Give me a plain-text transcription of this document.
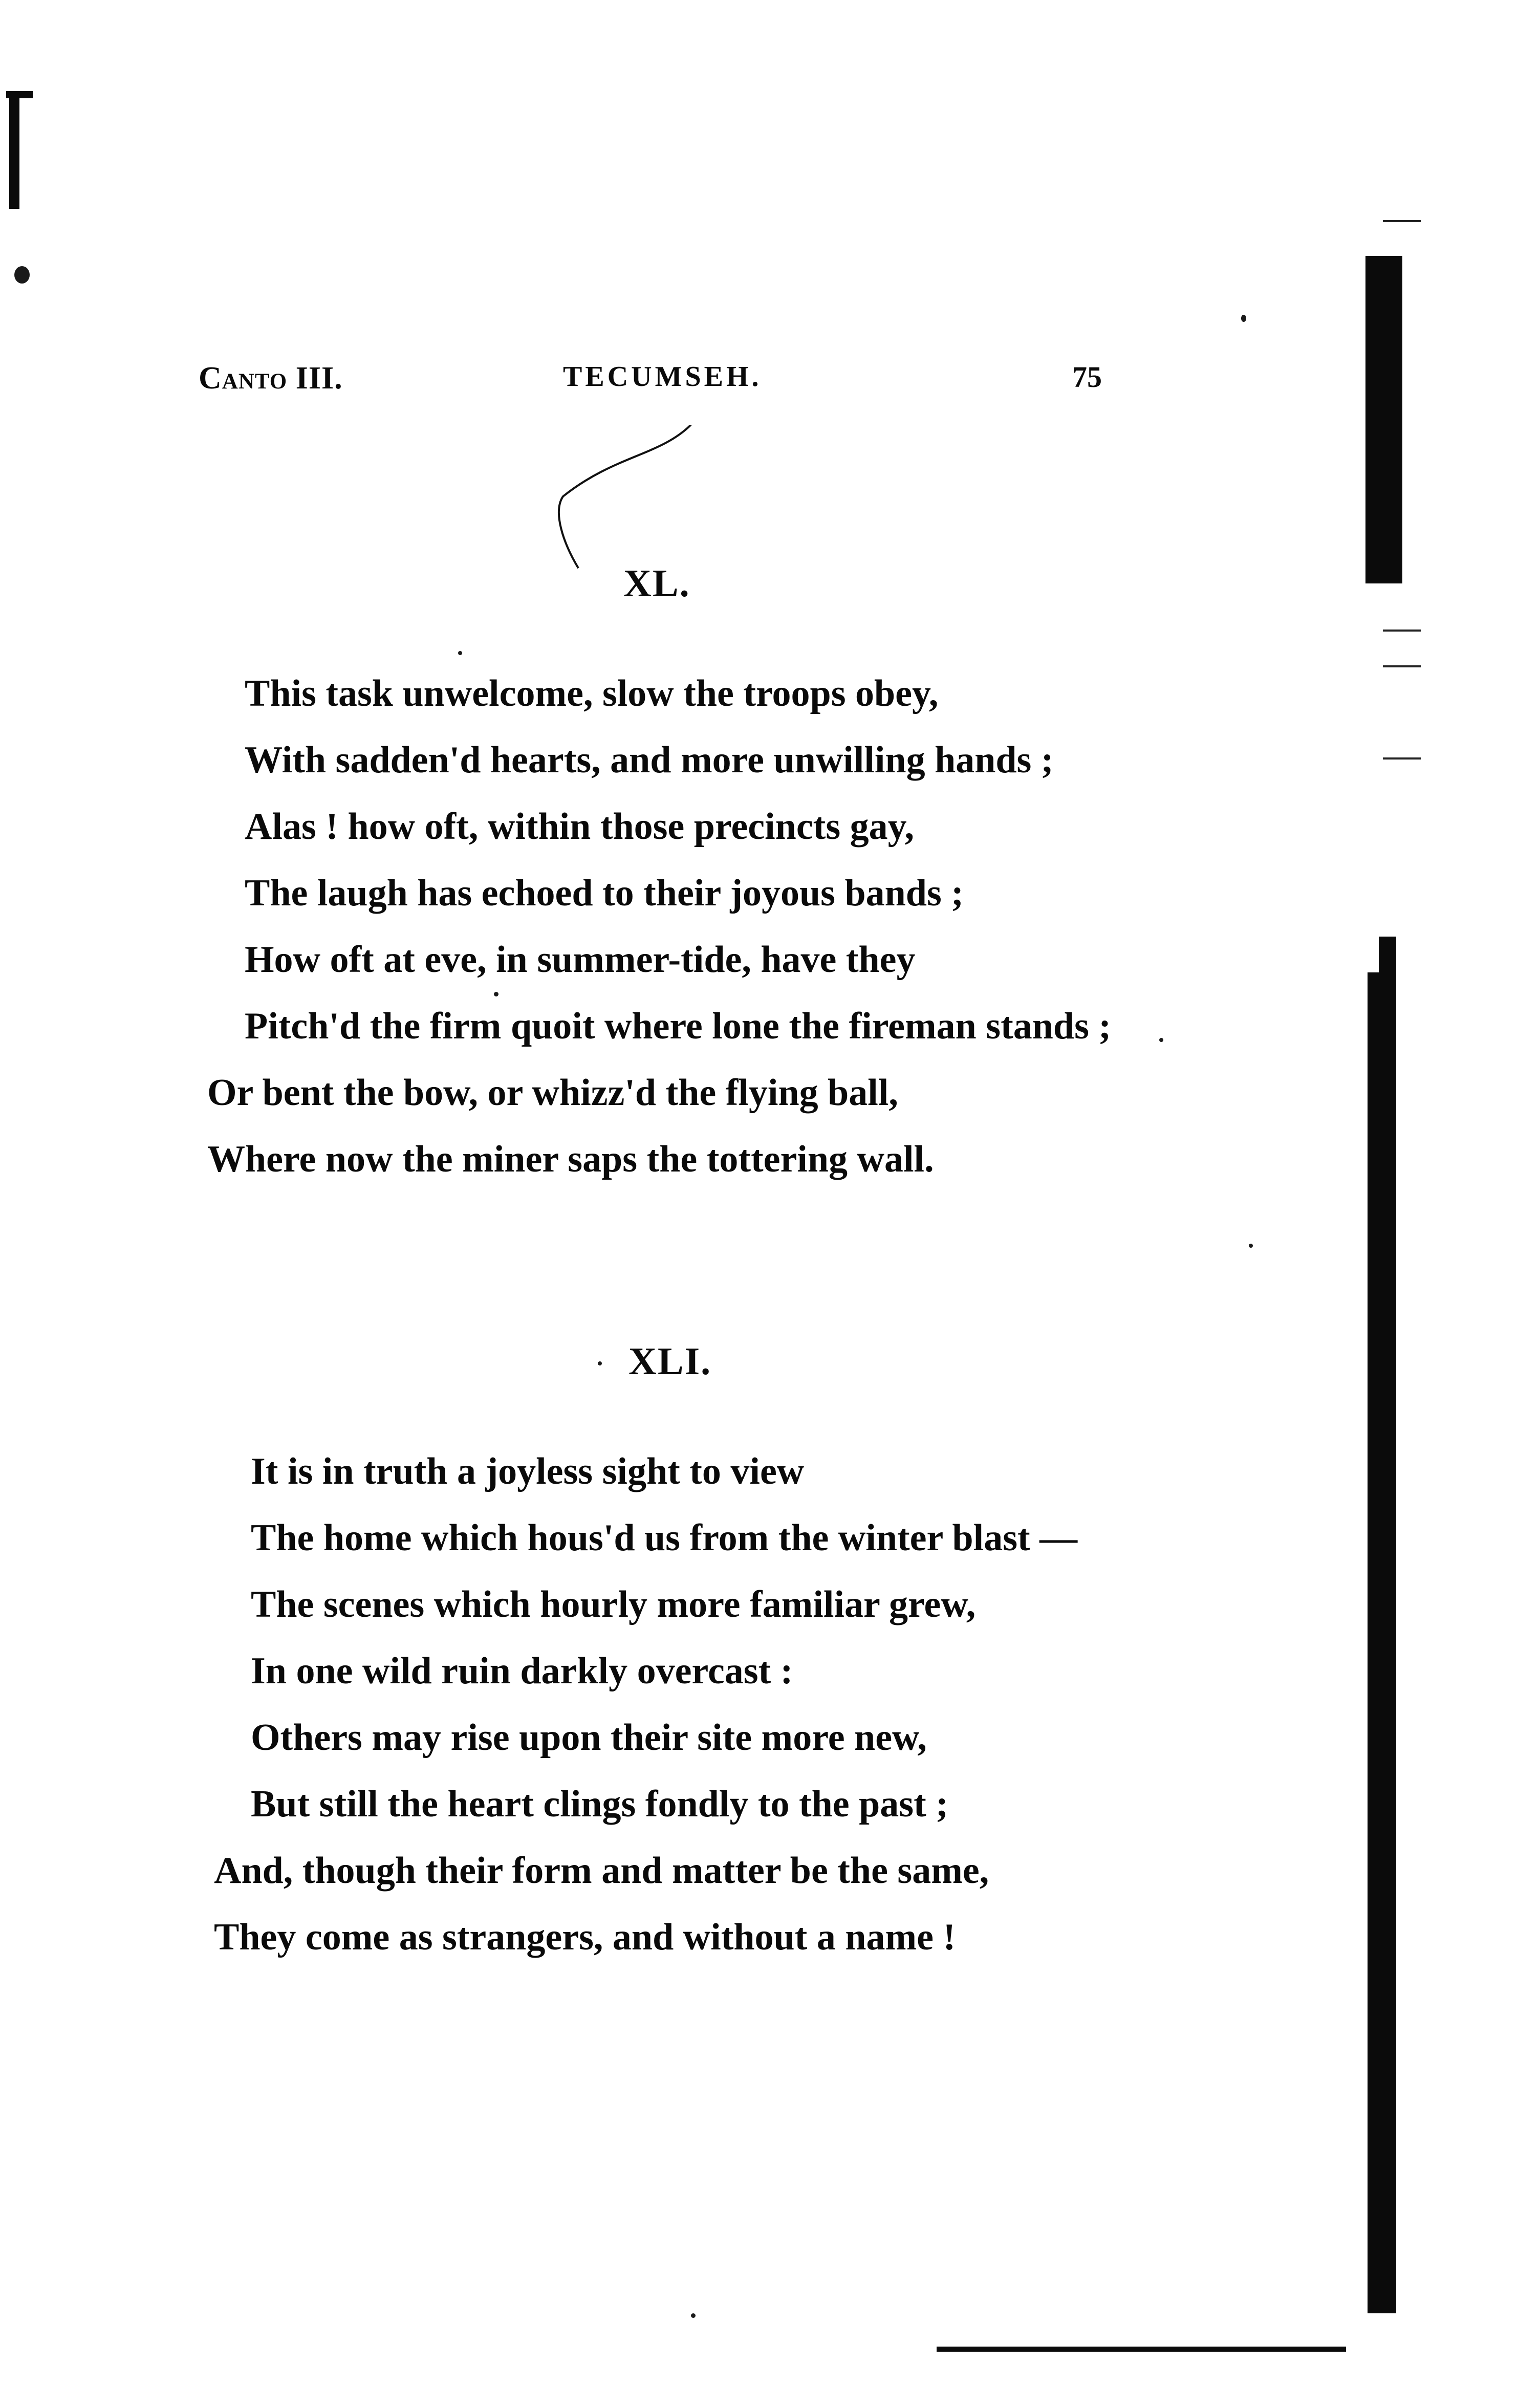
Canto III.	TECUMSEH.	75
XL.
This task unwelcome, slow the troops obey,
With sadden'd hearts, and more unwilling hands ;
Alas ! how oft, within those precincts gay,
The laugh has echoed to their joyous bands ;
How oft at eve, in summer-tide, have they
Pitch'd the firm quoit where lone the fireman stands ;
Or bent the bow, or whizz'd the flying ball,
Where now the miner saps the tottering wall.
XLI.
It is in truth a joyless sight to view
The home which hous'd us from the winter blast —
The scenes which hourly more familiar grew,
In one wild ruin darkly overcast :
Others may rise upon their site more new,
But still the heart clings fondly to the past ;
And, though their form and matter be the same,
They come as strangers, and without a name !
